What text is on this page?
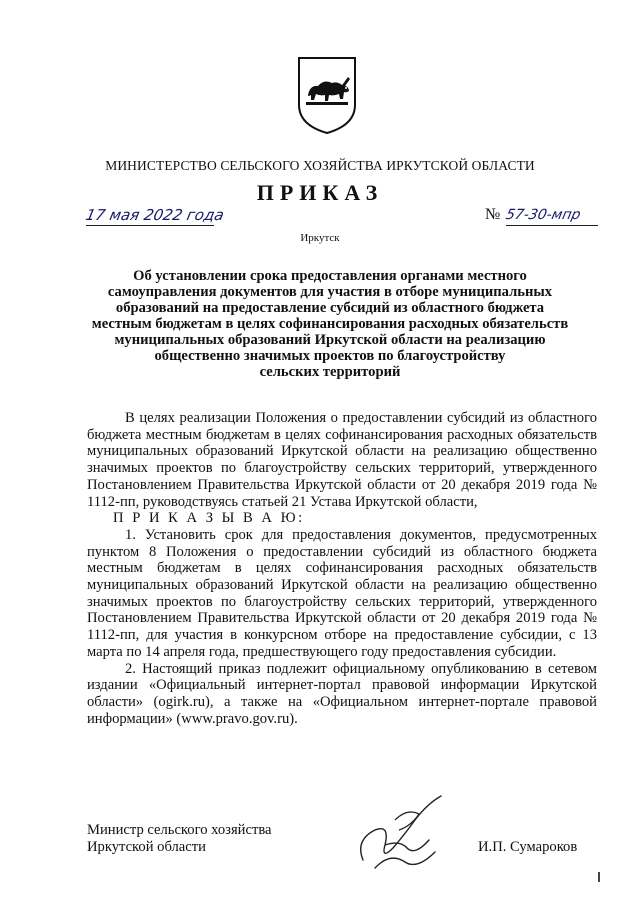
МИНИСТЕРСТВО СЕЛЬСКОГО ХОЗЯЙСТВА ИРКУТСКОЙ ОБЛАСТИ
ПРИКАЗ
17 мая 2022 года	№ 57-30-мпр
Иркутск
Об установлении срока предоставления органами местного
самоуправления документов для участия в отборе муниципальных
образований на предоставление субсидий из областного бюджета
местным бюджетам в целях софинансирования расходных обязательств
муниципальных образований Иркутской области на реализацию
общественно значимых проектов по благоустройству
сельских территорий

В целях реализации Положения о предоставлении субсидий из областного бюджета местным бюджетам в целях софинансирования расходных обязательств муниципальных образований Иркутской области на реализацию общественно значимых проектов по благоустройству сельских территорий, утвержденного Постановлением Правительства Иркутской области от 20 декабря 2019 года № 1112-пп, руководствуясь статьей 21 Устава Иркутской области,

П Р И К А З Ы В А Ю:

1. Установить срок для предоставления документов, предусмотренных пунктом 8 Положения о предоставлении субсидий из областного бюджета местным бюджетам в целях софинансирования расходных обязательств муниципальных образований Иркутской области на реализацию общественно значимых проектов по благоустройству сельских территорий, утвержденного Постановлением Правительства Иркутской области от 20 декабря 2019 года № 1112-пп, для участия в конкурсном отборе на предоставление субсидии, с 13 марта по 14 апреля года, предшествующего году предоставления субсидии.

2. Настоящий приказ подлежит официальному опубликованию в сетевом издании «Официальный интернет-портал правовой информации Иркутской области» (ogirk.ru), а также на «Официальном интернет-портале правовой информации» (www.pravo.gov.ru).

Министр сельского хозяйства
Иркутской области	И.П. Сумароков
